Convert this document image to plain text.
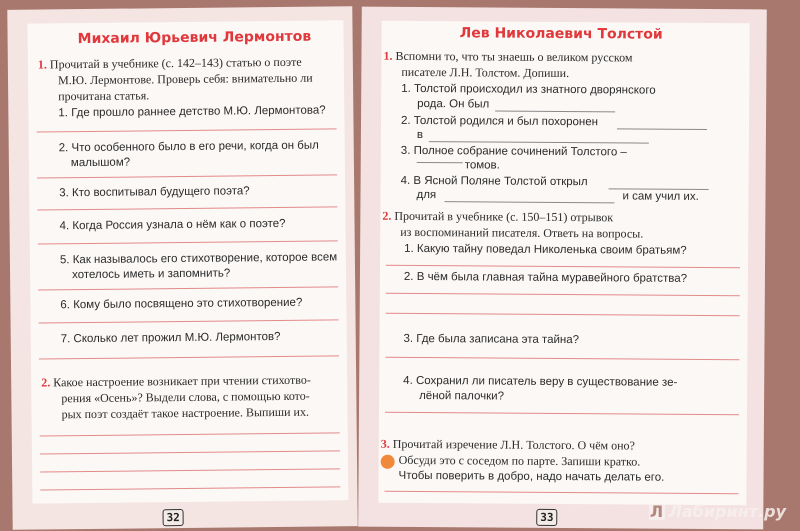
Михаил Юрьевич Лермонтов
1. Прочитай в учебнике (с. 142–143) статью о поэте
М.Ю. Лермонтове. Проверь себя: внимательно ли
прочитана статья.
1. Где прошло раннее детство М.Ю. Лермонтова?
2. Что особенного было в его речи, когда он был
малышом?
3. Кто воспитывал будущего поэта?
4. Когда Россия узнала о нём как о поэте?
5. Как называлось его стихотворение, которое всем
хотелось иметь и запомнить?
6. Кому было посвящено это стихотворение?
7. Сколько лет прожил М.Ю. Лермонтов?
2. Какое настроение возникает при чтении стихотво-
рения «Осень»? Выдели слова, с помощью кото-
рых поэт создаёт такое настроение. Выпиши их.
32
Лев Николаевич Толстой
1. Вспомни то, что ты знаешь о великом русском
писателе Л.Н. Толстом. Допиши.
1. Толстой происходил из знатного дворянского
рода. Он был
2. Толстой родился и был похоронен
в
3. Полное собрание сочинений Толстого –
томов.
4. В Ясной Поляне Толстой открыл
для	и сам учил их.
2. Прочитай в учебнике (с. 150–151) отрывок
из воспоминаний писателя. Ответь на вопросы.
1. Какую тайну поведал Николенька своим братьям?
2. В чём была главная тайна муравейного братства?
3. Где была записана эта тайна?
4. Сохранил ли писатель веру в существование зе-
лёной палочки?
3. Прочитай изречение Л.Н. Толстого. О чём оно?
Обсуди это с соседом по парте. Запиши кратко.
Чтобы поверить в добро, надо начать делать его.
33	Л Лабиринт.ру
